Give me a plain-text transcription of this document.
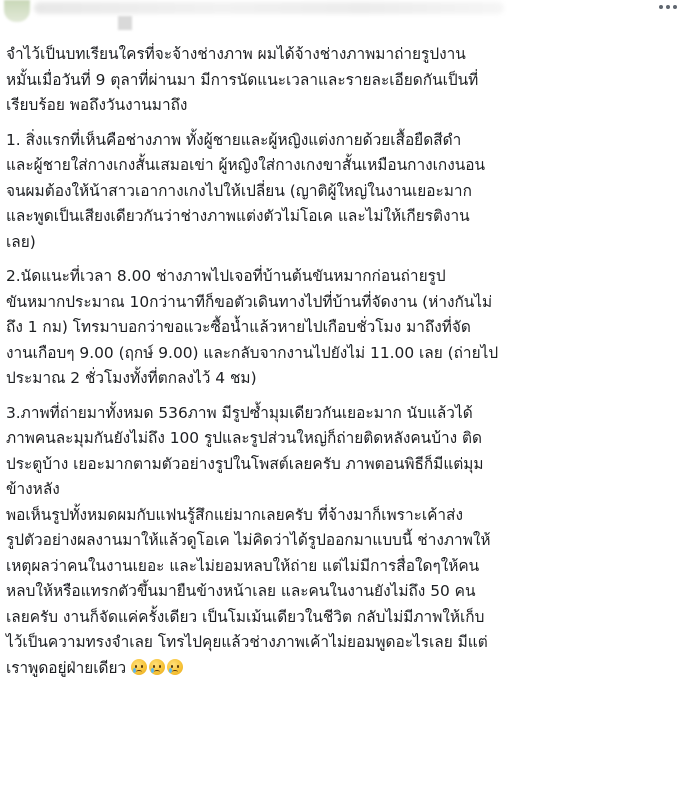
จำไว้เป็นบทเรียนใครที่จะจ้างช่างภาพ ผมได้จ้างช่างภาพมาถ่ายรูปงาน
หมั้นเมื่อวันที่ 9 ตุลาที่ผ่านมา มีการนัดแนะเวลาและรายละเอียดกันเป็นที่
เรียบร้อย พอถึงวันงานมาถึง

1. สิ่งแรกที่เห็นคือช่างภาพ ทั้งผู้ชายและผู้หญิงแต่งกายด้วยเสื้อยืดสีดำ
และผู้ชายใส่กางเกงสั้นเสมอเข่า ผู้หญิงใส่กางเกงขาสั้นเหมือนกางเกงนอน
จนผมต้องให้น้าสาวเอากางเกงไปให้เปลี่ยน (ญาติผู้ใหญ่ในงานเยอะมาก
และพูดเป็นเสียงเดียวกันว่าช่างภาพแต่งตัวไม่โอเค และไม่ให้เกียรติงาน
เลย)

2.นัดแนะที่เวลา 8.00 ช่างภาพไปเจอที่บ้านต้นขันหมากก่อนถ่ายรูป
ขันหมากประมาณ 10กว่านาทีก็ขอตัวเดินทางไปที่บ้านที่จัดงาน (ห่างกันไม่
ถึง 1 กม) โทรมาบอกว่าขอแวะซื้อน้ำแล้วหายไปเกือบชั่วโมง มาถึงที่จัด
งานเกือบๆ 9.00 (ฤกษ์ 9.00) และกลับจากงานไปยังไม่ 11.00 เลย (ถ่ายไป
ประมาณ 2 ชั่วโมงทั้งที่ตกลงไว้ 4 ชม)

3.ภาพที่ถ่ายมาทั้งหมด 536ภาพ มีรูปซ้ำมุมเดียวกันเยอะมาก นับแล้วได้
ภาพคนละมุมกันยังไม่ถึง 100 รูปและรูปส่วนใหญ่ก็ถ่ายติดหลังคนบ้าง ติด
ประตูบ้าง เยอะมากตามตัวอย่างรูปในโพสต์เลยครับ ภาพตอนพิธีก็มีแต่มุม
ข้างหลัง

พอเห็นรูปทั้งหมดผมกับแฟนรู้สึกแย่มากเลยครับ ที่จ้างมาก็เพราะเค้าส่ง
รูปตัวอย่างผลงานมาให้แล้วดูโอเค ไม่คิดว่าได้รูปออกมาแบบนี้ ช่างภาพให้
เหตุผลว่าคนในงานเยอะ และไม่ยอมหลบให้ถ่าย แต่ไม่มีการสื่อใดๆให้คน
หลบให้หรือแทรกตัวขึ้นมายืนข้างหน้าเลย และคนในงานยังไม่ถึง 50 คน
เลยครับ งานก็จัดแค่ครั้งเดียว เป็นโมเม้นเดียวในชีวิต กลับไม่มีภาพให้เก็บ
ไว้เป็นความทรงจำเลย โทรไปคุยแล้วช่างภาพเค้าไม่ยอมพูดอะไรเลย มีแต่
เราพูดอยู่ฝ่ายเดียว
